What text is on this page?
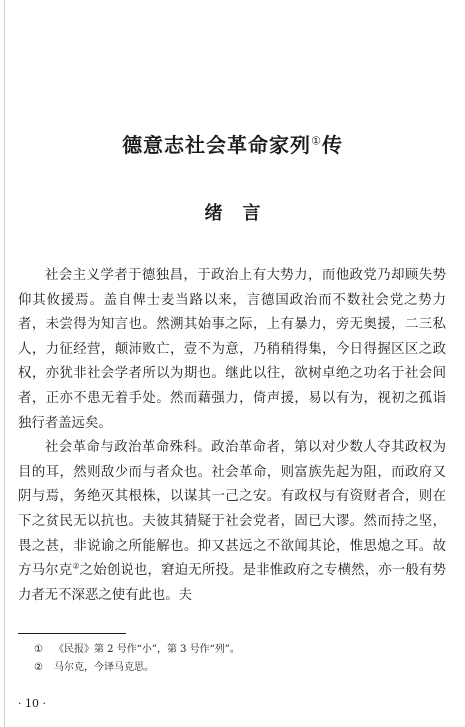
德意志社会革命家列①传
绪言

社会主义学者于德独昌，于政治上有大势力，而他政党乃却顾失势仰其攸援焉。盖自俾士麦当路以来，言德国政治而不数社会党之势力者，未尝得为知言也。然溯其始事之际，上有暴力，旁无奥援，二三私人，力征经营，颠沛败亡，壹不为意，乃稍稍得集，今日得握区区之政权，亦犹非社会学者所以为期也。继此以往，欲树卓绝之功名于社会间者，正亦不患无着手处。然而藉强力，倚声援，易以有为，视初之孤诣独行者盖远矣。

社会革命与政治革命殊科。政治革命者，第以对少数人夺其政权为目的耳，然则敌少而与者众也。社会革命，则富族先起为阻，而政府又阴与焉，务绝灭其根株，以谋其一己之安。有政权与有资财者合，则在下之贫民无以抗也。夫彼其猜疑于社会党者，固已大谬。然而持之坚，畏之甚，非说谕之所能解也。抑又甚远之不欲闻其论，惟思熄之耳。故方马尔克②之始创说也，窘迫无所投。是非惟政府之专横然，亦一般有势力者无不深恶之使有此也。夫

① 《民报》第 2 号作“小”，第 3 号作“列”。
② 马尔克，今译马克思。
· 10 ·
